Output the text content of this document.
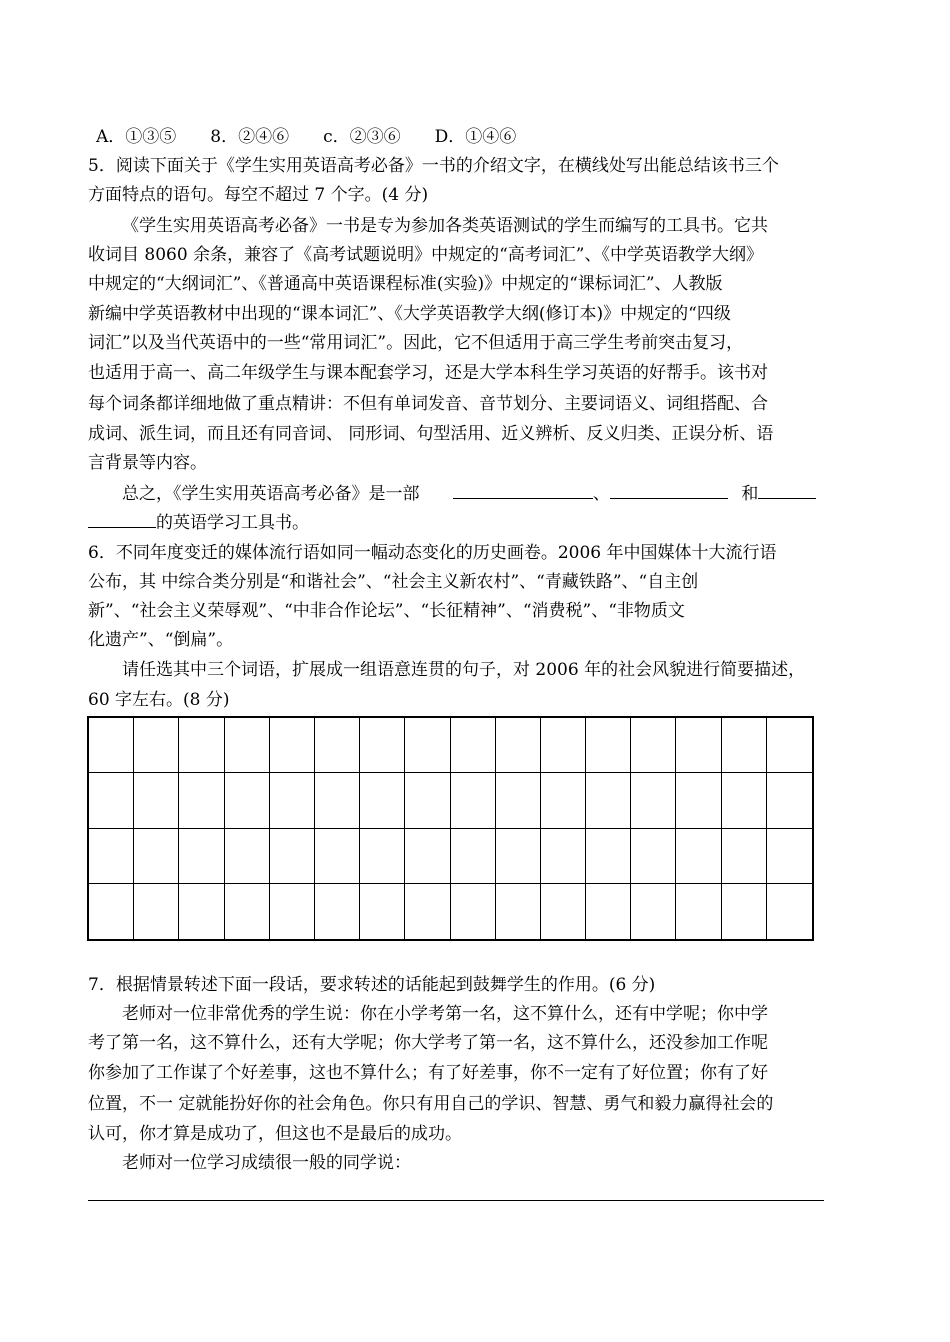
A．①③⑤　　8．②④⑥　　c．②③⑥　　D．①④⑥
5．阅读下面关于《学生实用英语高考必备》一书的介绍文字，在横线处写出能总结该书三个
方面特点的语句。每空不超过 7 个字。(4 分)
《学生实用英语高考必备》一书是专为参加各类英语测试的学生而编写的工具书。它共
收词目 8060 余条，兼容了《高考试题说明》中规定的“高考词汇”、《中学英语教学大纲》
中规定的“大纲词汇”、《普通高中英语课程标准(实验)》中规定的“课标词汇”、人教版
新编中学英语教材中出现的“课本词汇”、《大学英语教学大纲(修订本)》中规定的“四级
词汇”以及当代英语中的一些“常用词汇”。因此，它不但适用于高三学生考前突击复习，
也适用于高一、高二年级学生与课本配套学习，还是大学本科生学习英语的好帮手。该书对
每个词条都详细地做了重点精讲：不但有单词发音、音节划分、主要词语义、词组搭配、合
成词、派生词，而且还有同音词、 同形词、句型活用、近义辨析、反义归类、正误分析、语
言背景等内容。
总之，《学生实用英语高考必备》是一部	、	和
的英语学习工具书。
6．不同年度变迁的媒体流行语如同一幅动态变化的历史画卷。2006 年中国媒体十大流行语
公布，其 中综合类分别是“和谐社会”、“社会主义新农村”、“青藏铁路”、“自主创
新”、“社会主义荣辱观”、“中非合作论坛”、“长征精神”、“消费税”、“非物质文
化遗产”、“倒扁”。
请任选其中三个词语，扩展成一组语意连贯的句子，对 2006 年的社会风貌进行简要描述，
60 字左右。(8 分)
7．根据情景转述下面一段话，要求转述的话能起到鼓舞学生的作用。(6 分)
老师对一位非常优秀的学生说：你在小学考第一名，这不算什么，还有中学呢；你中学
考了第一名，这不算什么，还有大学呢；你大学考了第一名，这不算什么，还没参加工作呢
你参加了工作谋了个好差事，这也不算什么；有了好差事，你不一定有了好位置；你有了好
位置，不一 定就能扮好你的社会角色。你只有用自己的学识、智慧、勇气和毅力赢得社会的
认可，你才算是成功了，但这也不是最后的成功。
老师对一位学习成绩很一般的同学说：
